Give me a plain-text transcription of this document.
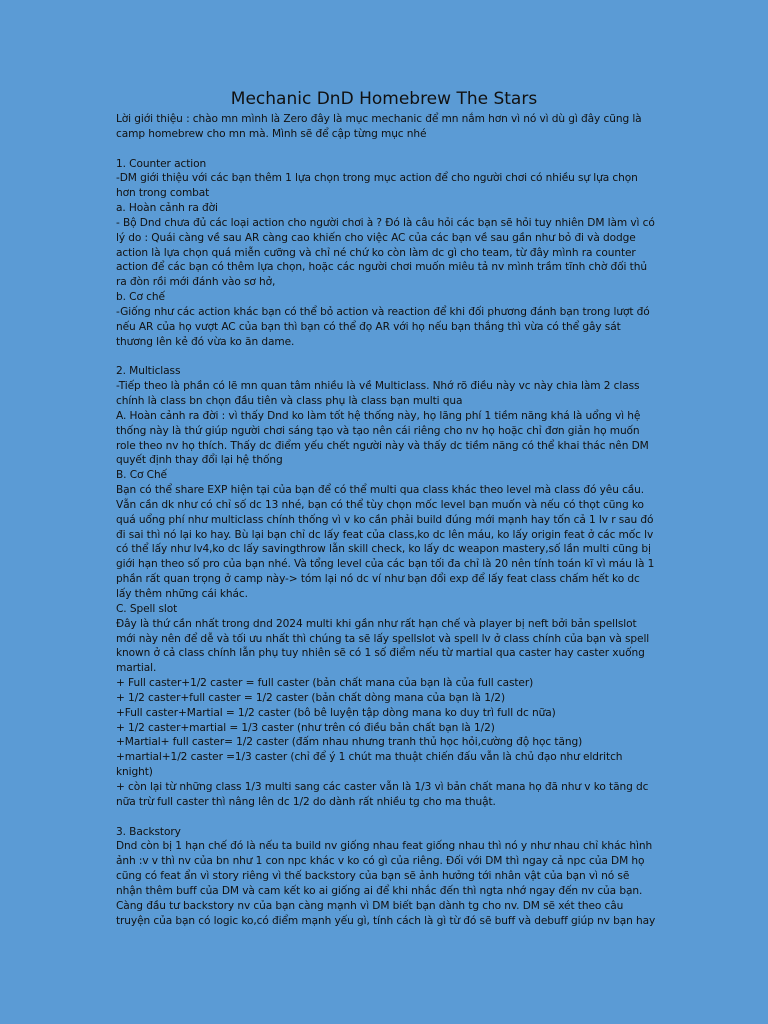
Mechanic DnD Homebrew The Stars

Lời giới thiệu : chào mn mình là Zero đây là mục mechanic để mn nắm hơn vì nó vì dù gì đây cũng là camp homebrew cho mn mà. Mình sẽ để cập từng mục nhé

1. Counter action

-DM giới thiệu với các bạn thêm 1 lựa chọn trong mục action để cho người chơi có nhiều sự lựa chọn hơn trong combat

a. Hoàn cảnh ra đời

- Bộ Dnd chưa đủ các loại action cho người chơi à ? Đó là câu hỏi các bạn sẽ hỏi tuy nhiên DM làm vì có lý do : Quái càng về sau AR càng cao khiến cho việc AC của các bạn về sau gần như bỏ đi và dodge action là lựa chọn quá miễn cưỡng và chỉ né chứ ko còn làm dc gì cho team, từ đây mình ra counter action để các bạn có thêm lựa chọn, hoặc các người chơi muốn miêu tả nv mình trầm tĩnh chờ đối thủ ra đòn rồi mới đánh vào sơ hở,

b. Cơ chế

-Giống như các action khác bạn có thể bỏ action và reaction để khi đối phương đánh bạn trong lượt đó nếu AR của họ vượt AC của bạn thì bạn có thể đọ AR với họ nếu bạn thắng thì vừa có thể gây sát thương lên kẻ đó vừa ko ăn dame.

2. Multiclass

-Tiếp theo là phần có lẽ mn quan tâm nhiều là về Multiclass. Nhớ rõ điều này vc này chia làm 2 class chính là class bn chọn đầu tiên và class phụ là class bạn multi qua

A. Hoàn cảnh ra đời : vì thấy Dnd ko làm tốt hệ thống này, họ lãng phí 1 tiềm năng khá là uổng vì hệ thống này là thứ giúp người chơi sáng tạo và tạo nên cái riêng cho nv họ hoặc chỉ đơn giản họ muốn role theo nv họ thích. Thấy dc điểm yếu chết người này và thấy dc tiềm năng có thể khai thác nên DM quyết định thay đổi lại hệ thống

B. Cơ Chế

Bạn có thể share EXP hiện tại của bạn để có thể multi qua class khác theo level mà class đó yêu cầu. Vẫn cần dk như có chỉ số dc 13 nhé, bạn có thể tùy chọn mốc level bạn muốn và nếu có thọt cũng ko quá uổng phí như multiclass chính thống vì v ko cần phải build đúng mới mạnh hay tốn cả 1 lv r sau đó đi sai thì nó lại ko hay. Bù lại bạn chỉ dc lấy feat của class,ko dc lên máu, ko lấy origin feat ở các mốc lv có thể lấy như lv4,ko dc lấy savingthrow lẫn skill check, ko lấy dc weapon mastery,số lần multi cũng bị giới hạn theo số pro của bạn nhé. Và tổng level của các bạn tối đa chỉ là 20 nên tính toán kĩ vì máu là 1 phần rất quan trọng ở camp này-> tóm lại nó dc ví như bạn đổi exp để lấy feat class chấm hết ko dc lấy thêm những cái khác.

C. Spell slot

Đây là thứ cần nhất trong dnd 2024 multi khi gần như rất hạn chế và player bị neft bởi bản spellslot mới này nên để dễ và tối ưu nhất thì chúng ta sẽ lấy spellslot và spell lv ở class chính của bạn và spell known ở cả class chính lẫn phụ tuy nhiên sẽ có 1 số điểm nếu từ martial qua caster hay caster xuống martial.

+ Full caster+1/2 caster = full caster (bản chất mana của bạn là của full caster)

+ 1/2 caster+full caster = 1/2 caster (bản chất dòng mana của bạn là 1/2)

+Full caster+Martial = 1/2 caster (bô bê luyện tập dòng mana ko duy trì full dc nữa)

+ 1/2 caster+martial = 1/3 caster (như trên có điều bản chất bạn là 1/2)

+Martial+ full caster= 1/2 caster (đấm nhau nhưng tranh thủ học hỏi,cường độ học tăng)

+martial+1/2 caster =1/3 caster (chỉ để ý 1 chút ma thuật chiến đấu vẫn là chủ đạo như eldritch knight)

+ còn lại từ những class 1/3 multi sang các caster vẫn là 1/3 vì bản chất mana họ đã như v ko tăng dc nữa trừ full caster thì nâng lên dc 1/2 do dành rất nhiều tg cho ma thuật.

3. Backstory

Dnd còn bị 1 hạn chế đó là nếu ta build nv giống nhau feat giống nhau thì nó y như nhau chỉ khác hình ảnh :v v thì nv của bn như 1 con npc khác v ko có gì của riêng. Đối với DM thì ngay cả npc của DM họ cũng có feat ẩn vì story riêng vì thế backstory của bạn sẽ ảnh hưởng tới nhân vật của bạn vì nó sẽ nhận thêm buff của DM và cam kết ko ai giống ai để khi nhắc đến thì ngta nhớ ngay đến nv của bạn. Càng đầu tư backstory nv của bạn càng mạnh vì DM biết bạn dành tg cho nv. DM sẽ xét theo câu truyện của bạn có logic ko,có điểm mạnh yếu gì, tính cách là gì từ đó sẽ buff và debuff giúp nv bạn hay
